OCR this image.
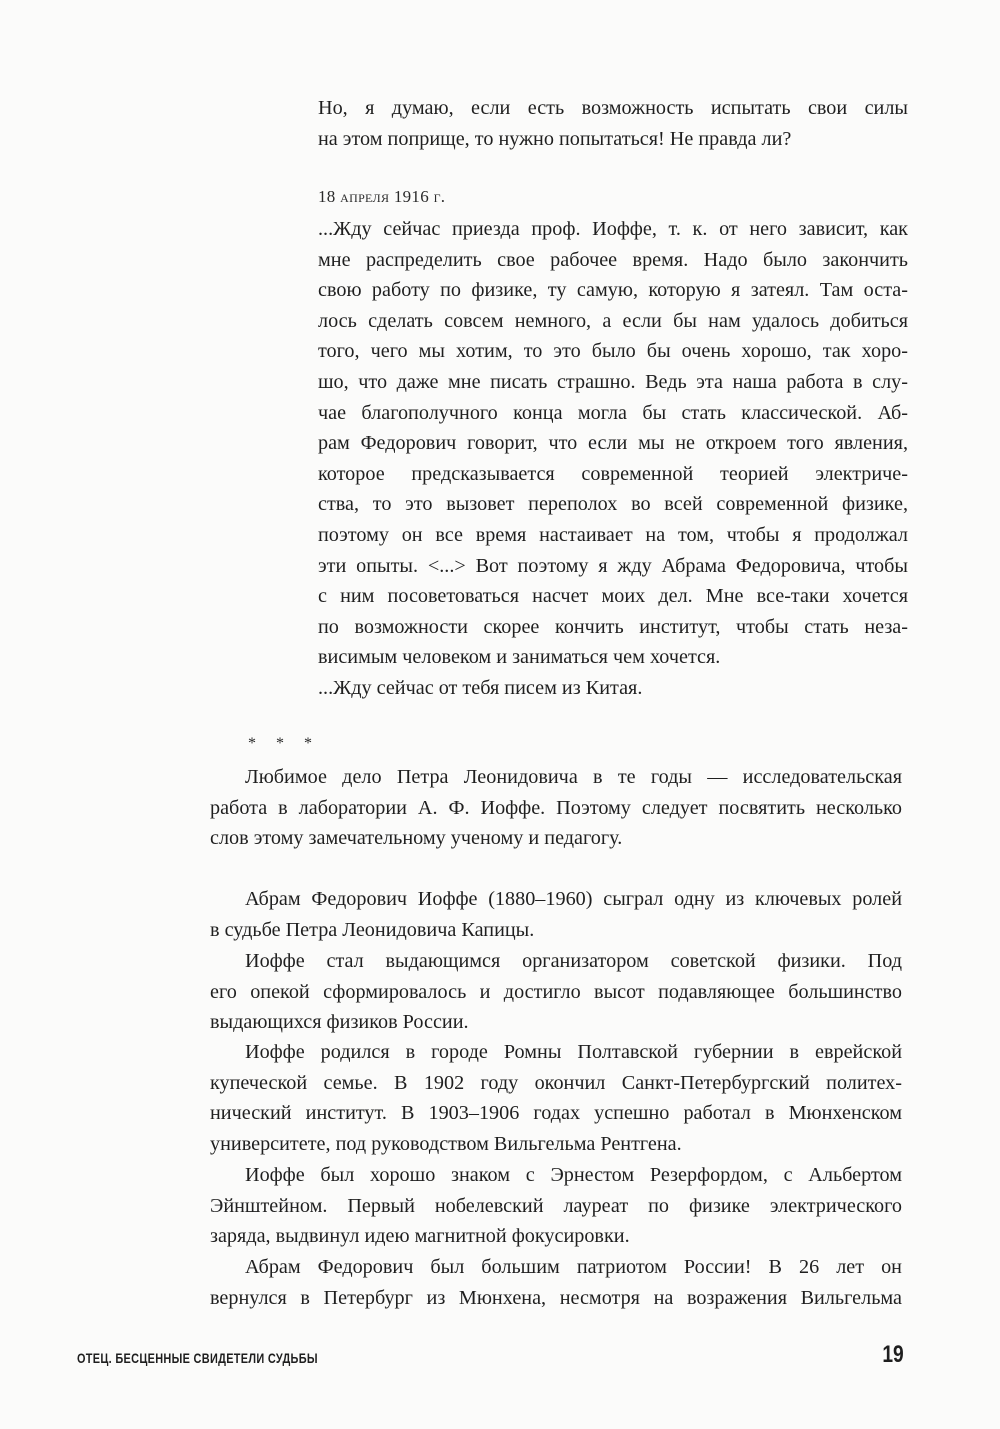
Но, я думаю, если есть возможность испытать свои силы
на этом поприще, то нужно попытаться! Не правда ли?
18 апреля 1916 г.
...Жду сейчас приезда проф. Иоффе, т. к. от него зависит, как
мне распределить свое рабочее время. Надо было закончить
свою работу по физике, ту самую, которую я затеял. Там оста-
лось сделать совсем немного, а если бы нам удалось добиться
того, чего мы хотим, то это было бы очень хорошо, так хоро-
шо, что даже мне писать страшно. Ведь эта наша работа в слу-
чае благополучного конца могла бы стать классической. Аб-
рам Федорович говорит, что если мы не откроем того явления,
которое предсказывается современной теорией электриче-
ства, то это вызовет переполох во всей современной физике,
поэтому он все время настаивает на том, чтобы я продолжал
эти опыты. <...> Вот поэтому я жду Абрама Федоровича, чтобы
с ним посоветоваться насчет моих дел. Мне все-таки хочется
по возможности скорее кончить институт, чтобы стать неза-
висимым человеком и заниматься чем хочется.
...Жду сейчас от тебя писем из Китая.
* * *
Любимое дело Петра Леонидовича в те годы — исследовательская
работа в лаборатории А. Ф. Иоффе. Поэтому следует посвятить несколько
слов этому замечательному ученому и педагогу.
Абрам Федорович Иоффе (1880–1960) сыграл одну из ключевых ролей
в судьбе Петра Леонидовича Капицы.
Иоффе стал выдающимся организатором советской физики. Под
его опекой сформировалось и достигло высот подавляющее большинство
выдающихся физиков России.
Иоффе родился в городе Ромны Полтавской губернии в еврейской
купеческой семье. В 1902 году окончил Санкт-Петербургский политех-
нический институт. В 1903–1906 годах успешно работал в Мюнхенском
университете, под руководством Вильгельма Рентгена.
Иоффе был хорошо знаком с Эрнестом Резерфордом, с Альбертом
Эйнштейном. Первый нобелевский лауреат по физике электрического
заряда, выдвинул идею магнитной фокусировки.
Абрам Федорович был большим патриотом России! В 26 лет он
вернулся в Петербург из Мюнхена, несмотря на возражения Вильгельма
ОТЕЦ. БЕСЦЕННЫЕ СВИДЕТЕЛИ СУДЬБЫ	19
